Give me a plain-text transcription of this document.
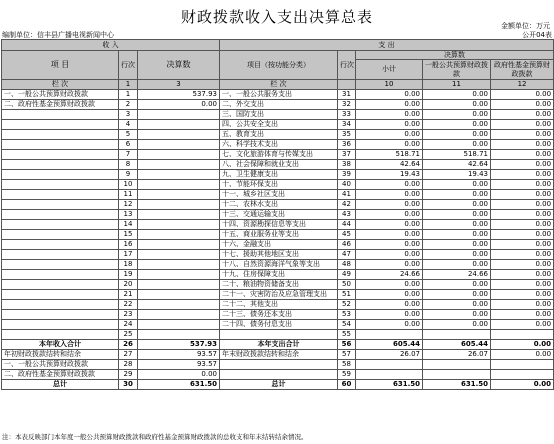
财政拨款收入支出决算总表	金额单位：万元
编制单位：信丰县广播电视新闻中心	公开04表
收 入			支 出				
项 目	行次	决算数	项目（按功能分类）	行次	决算数		
					小计	一般公共预算财政拨款	政府性基金预算财政拨款
栏 次	1	3	栏 次		10	11	12
一、一般公共预算财政拨款	1	537.93	一、一般公共服务支出	31	0.00	0.00	0.00
二、政府性基金预算财政拨款	2	0.00	二、外交支出	32	0.00	0.00	0.00
	3		三、国防支出	33	0.00	0.00	0.00
	4		四、公共安全支出	34	0.00	0.00	0.00
	5		五、教育支出	35	0.00	0.00	0.00
	6		六、科学技术支出	36	0.00	0.00	0.00
	7		七、文化旅游体育与传媒支出	37	518.71	518.71	0.00
	8		八、社会保障和就业支出	38	42.64	42.64	0.00
	9		九、卫生健康支出	39	19.43	19.43	0.00
	10		十、节能环保支出	40	0.00	0.00	0.00
	11		十一、城乡社区支出	41	0.00	0.00	0.00
	12		十二、农林水支出	42	0.00	0.00	0.00
	13		十三、交通运输支出	43	0.00	0.00	0.00
	14		十四、资源勘探信息等支出	44	0.00	0.00	0.00
	15		十五、商业服务业等支出	45	0.00	0.00	0.00
	16		十六、金融支出	46	0.00	0.00	0.00
	17		十七、援助其他地区支出	47	0.00	0.00	0.00
	18		十八、自然资源海洋气象等支出	48	0.00	0.00	0.00
	19		十九、住房保障支出	49	24.66	24.66	0.00
	20		二十、粮油物资储备支出	50	0.00	0.00	0.00
	21		二十一、灾害防治及应急管理支出	51	0.00	0.00	0.00
	22		二十二、其他支出	52	0.00	0.00	0.00
	23		二十三、债务还本支出	53	0.00	0.00	0.00
	24		二十四、债务付息支出	54	0.00	0.00	0.00
	25			55			
本年收入合计	26	537.93	本年支出合计	56	605.44	605.44	0.00
年初财政拨款结转和结余	27	93.57	年末财政拨款结转和结余	57	26.07	26.07	0.00
一、一般公共预算财政拨款	28	93.57		58			
二、政府性基金预算财政拨款	29	0.00		59			
总计	30	631.50	总计	60	631.50	631.50	0.00
注：本表反映部门本年度一般公共预算财政拨款和政府性基金预算财政拨款的总收支和年末结转结余情况。
